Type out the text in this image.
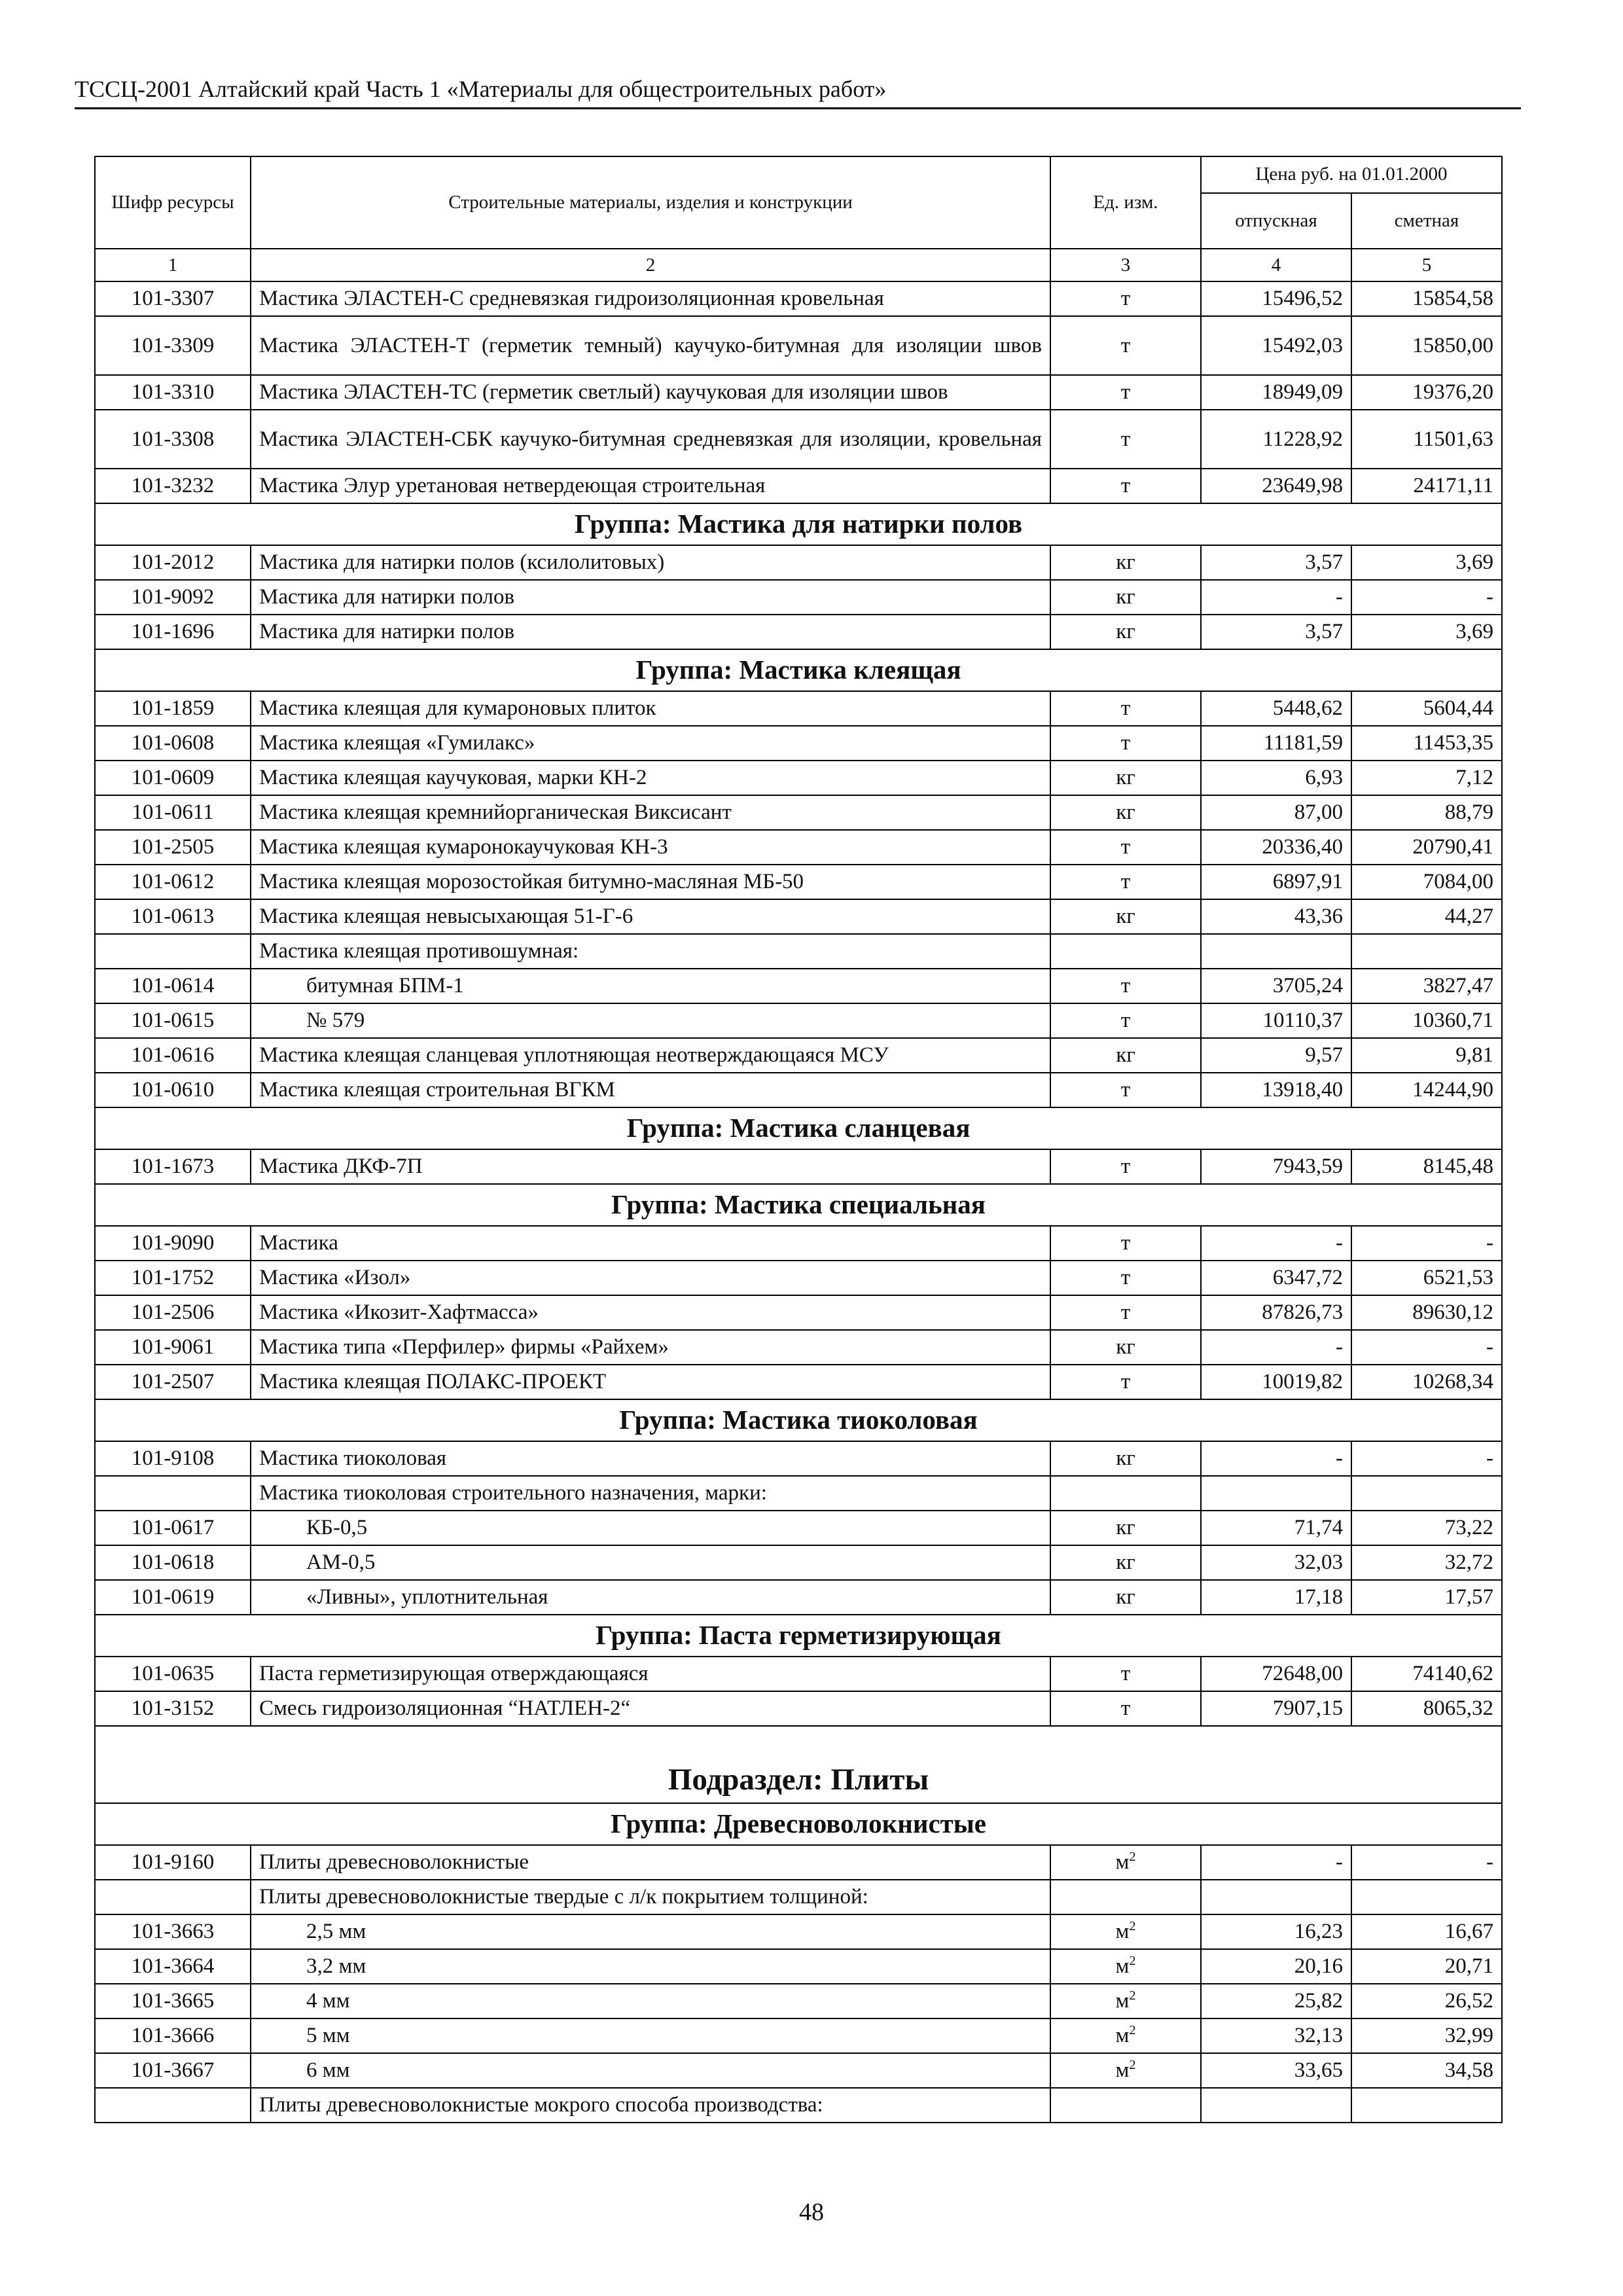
ТССЦ-2001 Алтайский край Часть 1 «Материалы для общестроительных работ»
Шифр ресурсы	Строительные материалы, изделия и конструкции	Ед. изм.	Цена руб. на 01.01.2000	
			отпускная	сметная
1	2	3	4	5
101-3307	Мастика ЭЛАСТЕН-С средневязкая гидроизоляционная кровельная	т	15496,52	15854,58
101-3309	Мастика ЭЛАСТЕН-Т (герметик темный) каучуко-битумная для изоляции швов	т	15492,03	15850,00
101-3310	Мастика ЭЛАСТЕН-ТС (герметик светлый) каучуковая для изоляции швов	т	18949,09	19376,20
101-3308	Мастика ЭЛАСТЕН-СБК каучуко-битумная средневязкая для изоляции, кровельная	т	11228,92	11501,63
101-3232	Мастика Элур уретановая нетвердеющая строительная	т	23649,98	24171,11
Группа: Мастика для натирки полов				
101-2012	Мастика для натирки полов (ксилолитовых)	кг	3,57	3,69
101-9092	Мастика для натирки полов	кг	-	-
101-1696	Мастика для натирки полов	кг	3,57	3,69
Группа: Мастика клеящая				
101-1859	Мастика клеящая для кумароновых плиток	т	5448,62	5604,44
101-0608	Мастика клеящая «Гумилакс»	т	11181,59	11453,35
101-0609	Мастика клеящая каучуковая, марки КН-2	кг	6,93	7,12
101-0611	Мастика клеящая кремнийорганическая Виксисант	кг	87,00	88,79
101-2505	Мастика клеящая кумаронокаучуковая КН-3	т	20336,40	20790,41
101-0612	Мастика клеящая морозостойкая битумно-масляная МБ-50	т	6897,91	7084,00
101-0613	Мастика клеящая невысыхающая 51-Г-6	кг	43,36	44,27
	Мастика клеящая противошумная:			
101-0614	битумная БПМ-1	т	3705,24	3827,47
101-0615	№ 579	т	10110,37	10360,71
101-0616	Мастика клеящая сланцевая уплотняющая неотверждающаяся МСУ	кг	9,57	9,81
101-0610	Мастика клеящая строительная ВГКМ	т	13918,40	14244,90
Группа: Мастика сланцевая				
101-1673	Мастика ДКФ-7П	т	7943,59	8145,48
Группа: Мастика специальная				
101-9090	Мастика	т	-	-
101-1752	Мастика «Изол»	т	6347,72	6521,53
101-2506	Мастика «Икозит-Хафтмасса»	т	87826,73	89630,12
101-9061	Мастика типа «Перфилер» фирмы «Райхем»	кг	-	-
101-2507	Мастика клеящая ПОЛАКС-ПРОЕКТ	т	10019,82	10268,34
Группа: Мастика тиоколовая				
101-9108	Мастика тиоколовая	кг	-	-
	Мастика тиоколовая строительного назначения, марки:			
101-0617	КБ-0,5	кг	71,74	73,22
101-0618	АМ-0,5	кг	32,03	32,72
101-0619	«Ливны», уплотнительная	кг	17,18	17,57
Группа: Паста герметизирующая				
101-0635	Паста герметизирующая отверждающаяся	т	72648,00	74140,62
101-3152	Смесь гидроизоляционная “НАТЛЕН-2“	т	7907,15	8065,32
Подраздел: Плиты				
Группа: Древесноволокнистые				
101-9160	Плиты древесноволокнистые	$м^2$	-	-
	Плиты древесноволокнистые твердые с л/к покрытием толщиной:			
101-3663	2,5 мм	$м^2$	16,23	16,67
101-3664	3,2 мм	$м^2$	20,16	20,71
101-3665	4 мм	$м^2$	25,82	26,52
101-3666	5 мм	$м^2$	32,13	32,99
101-3667	6 мм	$м^2$	33,65	34,58
	Плиты древесноволокнистые мокрого способа производства:			
48
